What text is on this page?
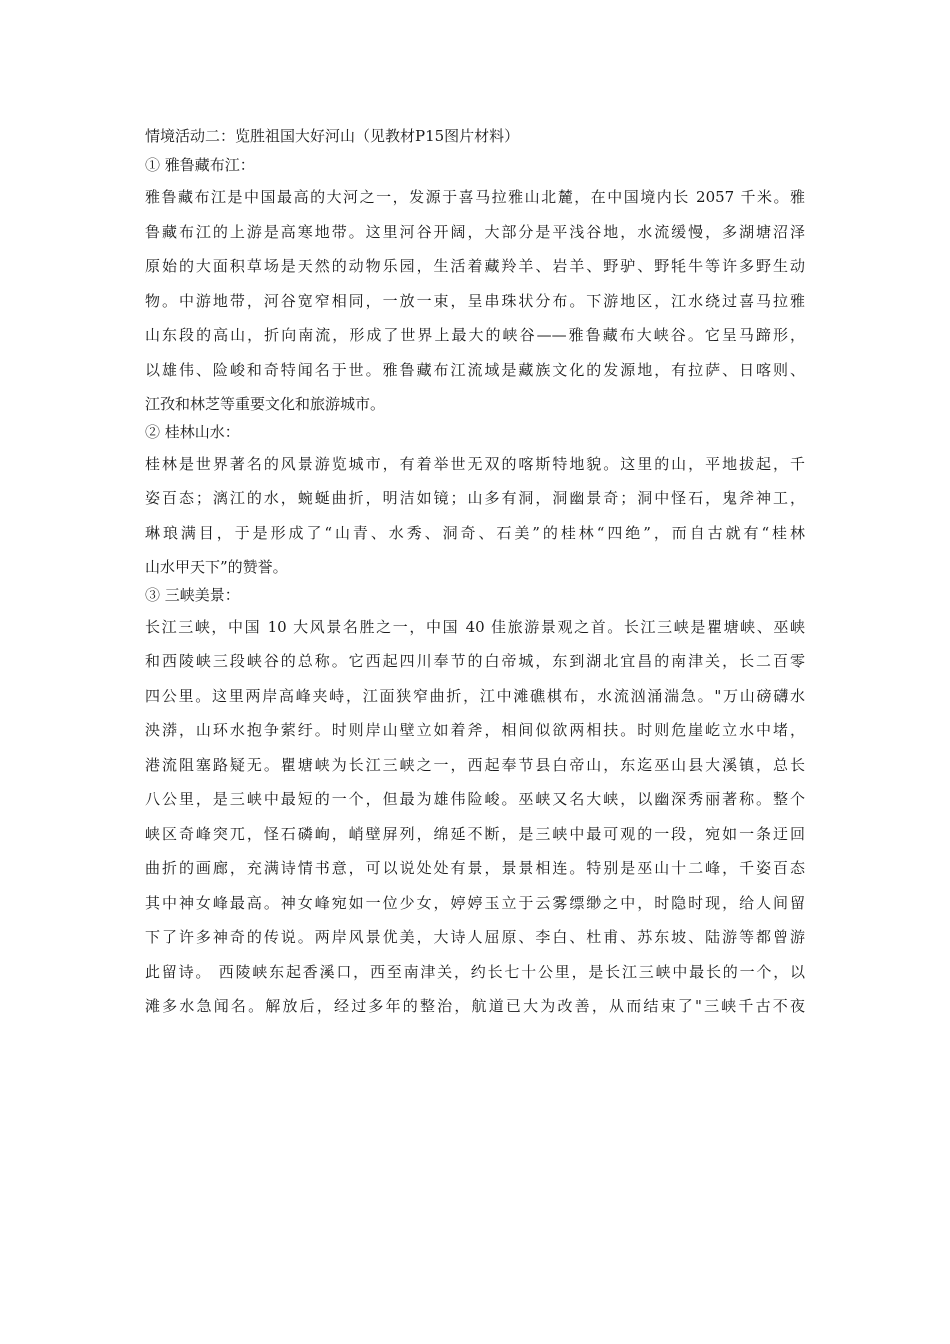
情境活动二：览胜祖国大好河山（见教材P15图片材料）
① 雅鲁藏布江：
雅鲁藏布江是中国最高的大河之一，发源于喜马拉雅山北麓，在中国境内长 2057 千米。雅
鲁藏布江的上游是高寒地带。这里河谷开阔，大部分是平浅谷地，水流缓慢，多湖塘沼泽
原始的大面积草场是天然的动物乐园，生活着藏羚羊、岩羊、野驴、野牦牛等许多野生动
物。中游地带，河谷宽窄相同，一放一束，呈串珠状分布。下游地区，江水绕过喜马拉雅
山东段的高山，折向南流，形成了世界上最大的峡谷——雅鲁藏布大峡谷。它呈马蹄形，
以雄伟、险峻和奇特闻名于世。雅鲁藏布江流域是藏族文化的发源地，有拉萨、日喀则、
江孜和林芝等重要文化和旅游城市。
② 桂林山水：
桂林是世界著名的风景游览城市，有着举世无双的喀斯特地貌。这里的山，平地拔起，千
姿百态；漓江的水，蜿蜒曲折，明洁如镜；山多有洞，洞幽景奇；洞中怪石，鬼斧神工，
琳琅满目，于是形成了“山青、水秀、洞奇、石美”的桂林“四绝”，而自古就有“桂林
山水甲天下”的赞誉。
③ 三峡美景：
长江三峡，中国 10 大风景名胜之一，中国 40 佳旅游景观之首。长江三峡是瞿塘峡、巫峡
和西陵峡三段峡谷的总称。它西起四川奉节的白帝城，东到湖北宜昌的南津关，长二百零
四公里。这里两岸高峰夹峙，江面狭窄曲折，江中滩礁棋布，水流汹涌湍急。"万山磅礴水
泱漭，山环水抱争萦纡。时则岸山壁立如着斧，相间似欲两相扶。时则危崖屹立水中堵，
港流阻塞路疑无。瞿塘峡为长江三峡之一，西起奉节县白帝山，东迄巫山县大溪镇，总长
八公里，是三峡中最短的一个，但最为雄伟险峻。巫峡又名大峡，以幽深秀丽著称。整个
峡区奇峰突兀，怪石磷峋，峭壁屏列，绵延不断，是三峡中最可观的一段，宛如一条迂回
曲折的画廊，充满诗情书意，可以说处处有景，景景相连。特别是巫山十二峰，千姿百态
其中神女峰最高。神女峰宛如一位少女，婷婷玉立于云雾缥缈之中，时隐时现，给人间留
下了许多神奇的传说。两岸风景优美，大诗人屈原、李白、杜甫、苏东坡、陆游等都曾游
此留诗。 西陵峡东起香溪口，西至南津关，约长七十公里，是长江三峡中最长的一个，以
滩多水急闻名。解放后，经过多年的整治，航道已大为改善，从而结束了"三峡千古不夜
